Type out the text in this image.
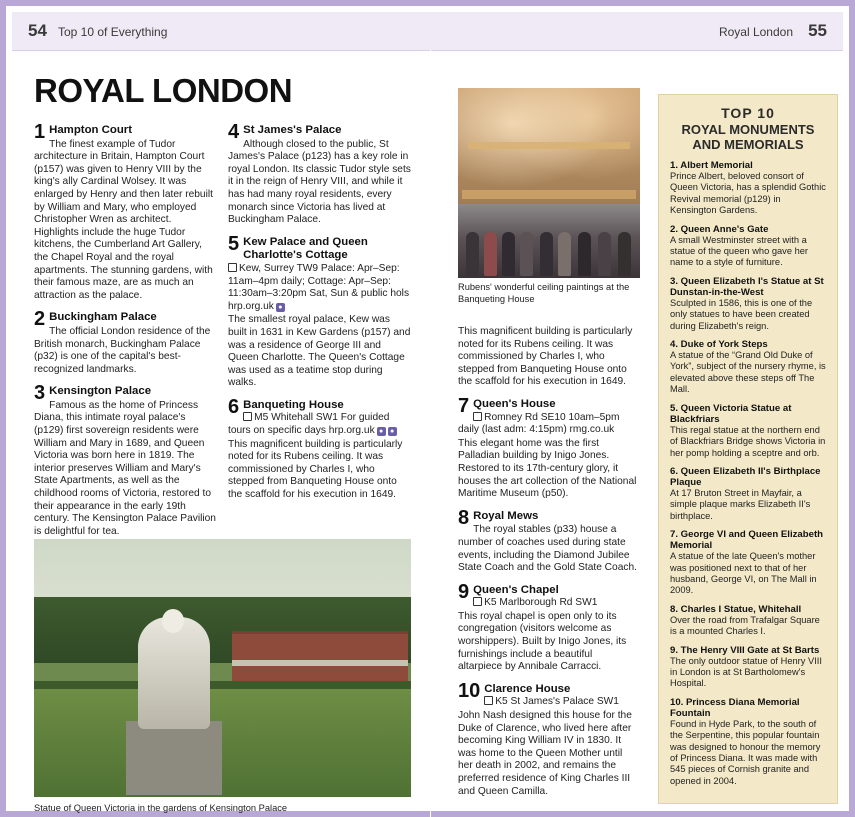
54 Top 10 of Everything	55
Royal London
ROYAL LONDON
1 Hampton Court

The finest example of Tudor architecture in Britain, Hampton Court (p157) was given to Henry VIII by the king's ally Cardinal Wolsey. It was enlarged by Henry and then later rebuilt by William and Mary, who employed Christopher Wren as architect. Highlights include the huge Tudor kitchens, the Cumberland Art Gallery, the Chapel Royal and the royal apartments. The stunning gardens, with their famous maze, are as much an attraction as the palace.

2 Buckingham Palace

The official London residence of the British monarch, Buckingham Palace (p32) is one of the capital's best-recognized landmarks.

3 Kensington Palace

Famous as the home of Princess Diana, this intimate royal palace's (p129) first sovereign residents were William and Mary in 1689, and Queen Victoria was born here in 1819. The interior preserves William and Mary's State Apartments, as well as the childhood rooms of Victoria, restored to their appearance in the early 19th century. The Kensington Palace Pavilion is delightful for tea.

4 St James's Palace

Although closed to the public, St James's Palace (p123) has a key role in royal London. Its classic Tudor style sets it in the reign of Henry VIII, and while it has had many royal residents, every monarch since Victoria has lived at Buckingham Palace.

5 Kew Palace and Queen Charlotte's Cottage

Kew, Surrey TW9 Palace: Apr–Sep: 11am–4pm daily; Cottage: Apr–Sep: 11:30am–3:20pm Sat, Sun & public hols hrp.org.uk ●

The smallest royal palace, Kew was built in 1631 in Kew Gardens (p157) and was a residence of George III and Queen Charlotte. The Queen's Cottage was used as a teatime stop during walks.

6 Banqueting House

M5 Whitehall SW1 For guided tours on specific days hrp.org.uk ● ●

This magnificent building is particularly noted for its Rubens ceiling. It was commissioned by Charles I, who stepped from Banqueting House onto the scaffold for his execution in 1649.

Rubens' wonderful ceiling paintings at the Banqueting House

This magnificent building is particularly noted for its Rubens ceiling. It was commissioned by Charles I, who stepped from Banqueting House onto the scaffold for his execution in 1649.

7 Queen's House

Romney Rd SE10 10am–5pm daily (last adm: 4:15pm) rmg.co.uk

This elegant home was the first Palladian building by Inigo Jones. Restored to its 17th-century glory, it houses the art collection of the National Maritime Museum (p50).

8 Royal Mews

The royal stables (p33) house a number of coaches used during state events, including the Diamond Jubilee State Coach and the Gold State Coach.

9 Queen's Chapel

K5 Marlborough Rd SW1

This royal chapel is open only to its congregation (visitors welcome as worshippers). Built by Inigo Jones, its furnishings include a beautiful altarpiece by Annibale Carracci.

10 Clarence House

K5 St James's Palace SW1

John Nash designed this house for the Duke of Clarence, who lived here after becoming King William IV in 1830. It was home to the Queen Mother until her death in 2002, and remains the preferred residence of King Charles III and Queen Camilla.

TOP 10
ROYAL MONUMENTS AND MEMORIALS
1. Albert Memorial
Prince Albert, beloved consort of Queen Victoria, has a splendid Gothic Revival memorial (p129) in Kensington Gardens.
2. Queen Anne's Gate
A small Westminster street with a statue of the queen who gave her name to a style of furniture.
3. Queen Elizabeth I's Statue at St Dunstan-in-the-West
Sculpted in 1586, this is one of the only statues to have been created during Elizabeth's reign.
4. Duke of York Steps
A statue of the “Grand Old Duke of York”, subject of the nursery rhyme, is elevated above these steps off The Mall.
5. Queen Victoria Statue at Blackfriars
This regal statue at the northern end of Blackfriars Bridge shows Victoria in her pomp holding a sceptre and orb.
6. Queen Elizabeth II's Birthplace Plaque
At 17 Bruton Street in Mayfair, a simple plaque marks Elizabeth II's birthplace.
7. George VI and Queen Elizabeth Memorial
A statue of the late Queen's mother was positioned next to that of her husband, George VI, on The Mall in 2009.
8. Charles I Statue, Whitehall
Over the road from Trafalgar Square is a mounted Charles I.
9. The Henry VIII Gate at St Barts
The only outdoor statue of Henry VIII in London is at St Bartholomew's Hospital.
10. Princess Diana Memorial Fountain
Found in Hyde Park, to the south of the Serpentine, this popular fountain was designed to honour the memory of Princess Diana. It was made with 545 pieces of Cornish granite and opened in 2004.
Statue of Queen Victoria in the gardens of Kensington Palace
